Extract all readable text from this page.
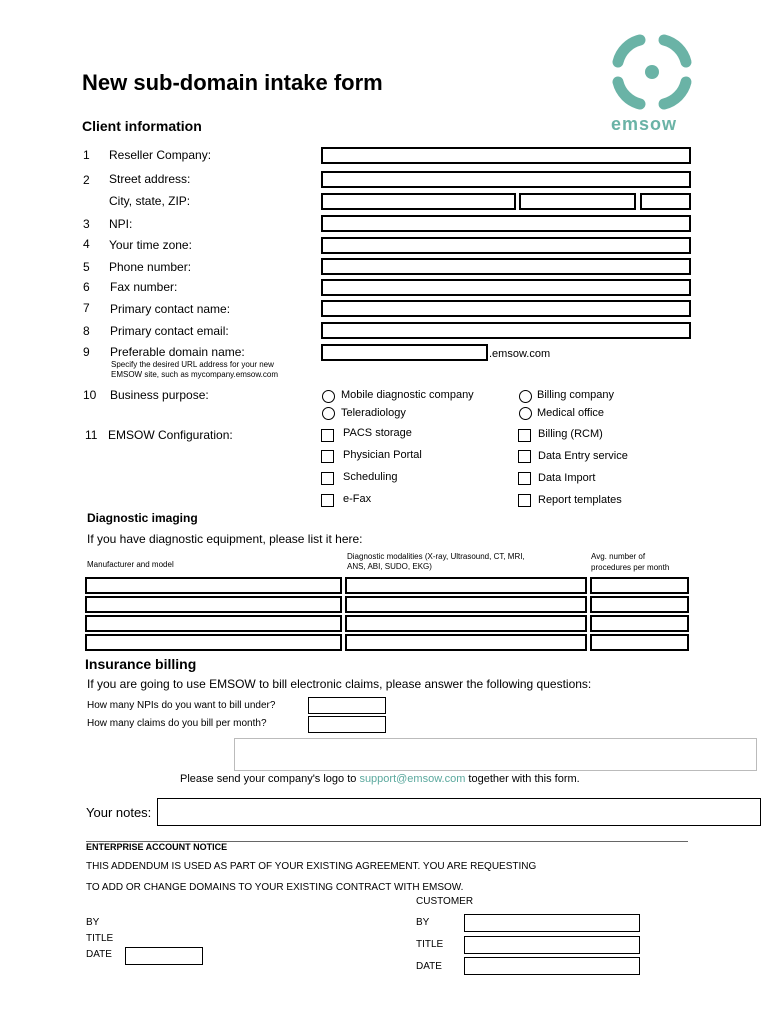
New sub-domain intake form
emsow
Client information
1 Reseller Company:
2 Street address:
City, state, ZIP:
3 NPI:
4 Your time zone:
5 Phone number:
6 Fax number:
7 Primary contact name:
8 Primary contact email:
9 Preferable domain name:
Specify the desired URL address for your new
EMSOW site, such as mycompany.emsow.com
.emsow.com
10 Business purpose:	Mobile diagnostic company
Teleradiology
Billing company
Medical office
11 EMSOW Configuration:	PACS storage
Physician Portal
Scheduling
e-Fax
Billing (RCM)
Data Entry service
Data Import
Report templates
Diagnostic imaging
If you have diagnostic equipment, please list it here:
Manufacturer and model
Diagnostic modalities (X-ray, Ultrasound, CT, MRI,
ANS, ABI, SUDO, EKG)
Avg. number of
procedures per month
Insurance billing
If you are going to use EMSOW to bill electronic claims, please answer the following questions:
How many NPIs do you want to bill under?
How many claims do you bill per month?
Please send your company's logo to support@emsow.com together with this form.
Your notes:
ENTERPRISE ACCOUNT NOTICE
THIS ADDENDUM IS USED AS PART OF YOUR EXISTING AGREEMENT. YOU ARE REQUESTING
TO ADD OR CHANGE DOMAINS TO YOUR EXISTING CONTRACT WITH EMSOW.
CUSTOMER
BY
TITLE
DATE
BY
TITLE
DATE
